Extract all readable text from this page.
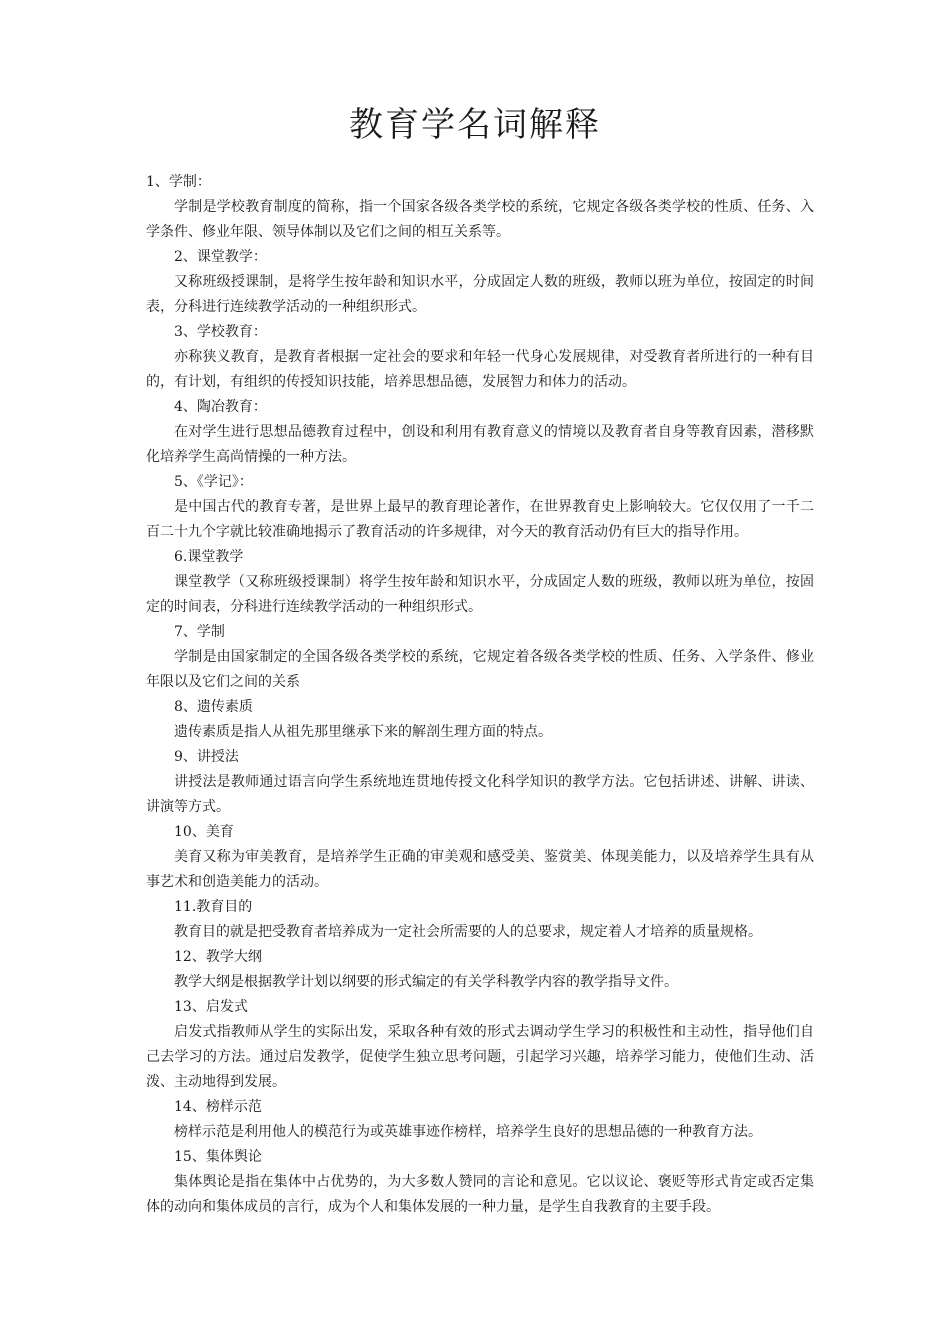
教育学名词解释

1、学制：

学制是学校教育制度的简称，指一个国家各级各类学校的系统，它规定各级各类学校的性质、任务、入学条件、修业年限、领导体制以及它们之间的相互关系等。

2、课堂教学：

又称班级授课制，是将学生按年龄和知识水平，分成固定人数的班级，教师以班为单位，按固定的时间表，分科进行连续教学活动的一种组织形式。

3、学校教育：

亦称狭义教育，是教育者根据一定社会的要求和年轻一代身心发展规律，对受教育者所进行的一种有目的，有计划，有组织的传授知识技能，培养思想品德，发展智力和体力的活动。

4、陶冶教育：

在对学生进行思想品德教育过程中，创设和利用有教育意义的情境以及教育者自身等教育因素，潜移默化培养学生高尚情操的一种方法。

5、《学记》：

是中国古代的教育专著，是世界上最早的教育理论著作，在世界教育史上影响较大。它仅仅用了一千二百二十九个字就比较准确地揭示了教育活动的许多规律，对今天的教育活动仍有巨大的指导作用。

6.课堂教学

课堂教学（又称班级授课制）将学生按年龄和知识水平，分成固定人数的班级，教师以班为单位，按固定的时间表，分科进行连续教学活动的一种组织形式。

7、学制

学制是由国家制定的全国各级各类学校的系统，它规定着各级各类学校的性质、任务、入学条件、修业年限以及它们之间的关系

8、遗传素质

遗传素质是指人从祖先那里继承下来的解剖生理方面的特点。

9、讲授法

讲授法是教师通过语言向学生系统地连贯地传授文化科学知识的教学方法。它包括讲述、讲解、讲读、讲演等方式。

10、美育

美育又称为审美教育，是培养学生正确的审美观和感受美、鉴赏美、体现美能力，以及培养学生具有从事艺术和创造美能力的活动。

11.教育目的

教育目的就是把受教育者培养成为一定社会所需要的人的总要求，规定着人才培养的质量规格。

12、教学大纲

教学大纲是根据教学计划以纲要的形式编定的有关学科教学内容的教学指导文件。

13、启发式

启发式指教师从学生的实际出发，采取各种有效的形式去调动学生学习的积极性和主动性，指导他们自己去学习的方法。通过启发教学，促使学生独立思考问题，引起学习兴趣，培养学习能力，使他们生动、活泼、主动地得到发展。

14、榜样示范

榜样示范是利用他人的模范行为或英雄事迹作榜样，培养学生良好的思想品德的一种教育方法。

15、集体舆论

集体舆论是指在集体中占优势的，为大多数人赞同的言论和意见。它以议论、褒贬等形式肯定或否定集体的动向和集体成员的言行，成为个人和集体发展的一种力量，是学生自我教育的主要手段。
